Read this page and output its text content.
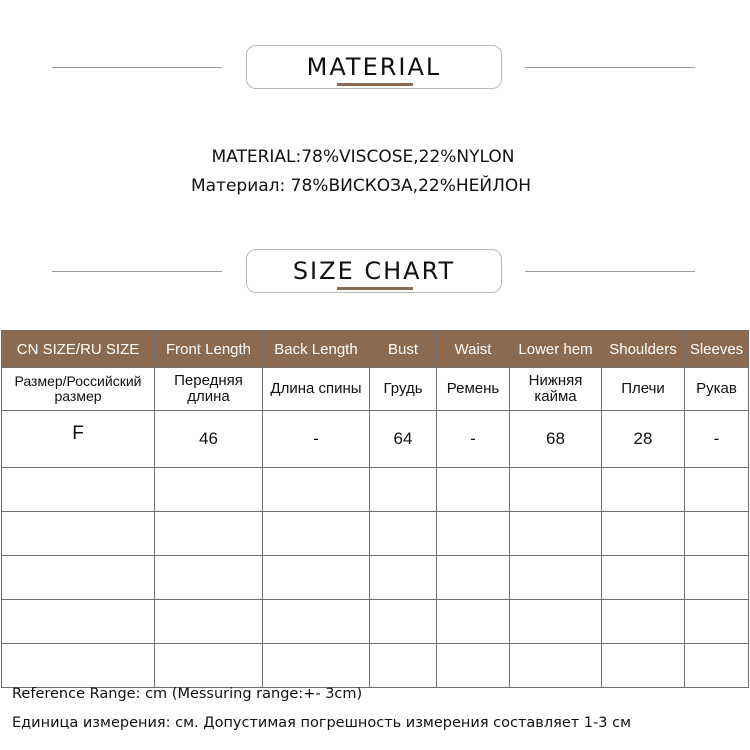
MATERIAL
MATERIAL:78%VISCOSE,22%NYLON
Материал: 78%ВИСКОЗА,22%НЕЙЛОН
SIZE CHART
CN SIZE/RU SIZE	Front Length	Back Length	Bust	Waist	Lower hem	Shoulders	Sleeves
Размер/Российский размер	Передняя длина	Длина спины	Грудь	Ремень	Нижняя кайма	Плечи	Рукав
F	46	-	64	-	68	28	-

Reference Range: cm (Messuring range:+- 3cm)
Единица измерения: см. Допустимая погрешность измерения составляет 1-3 см
